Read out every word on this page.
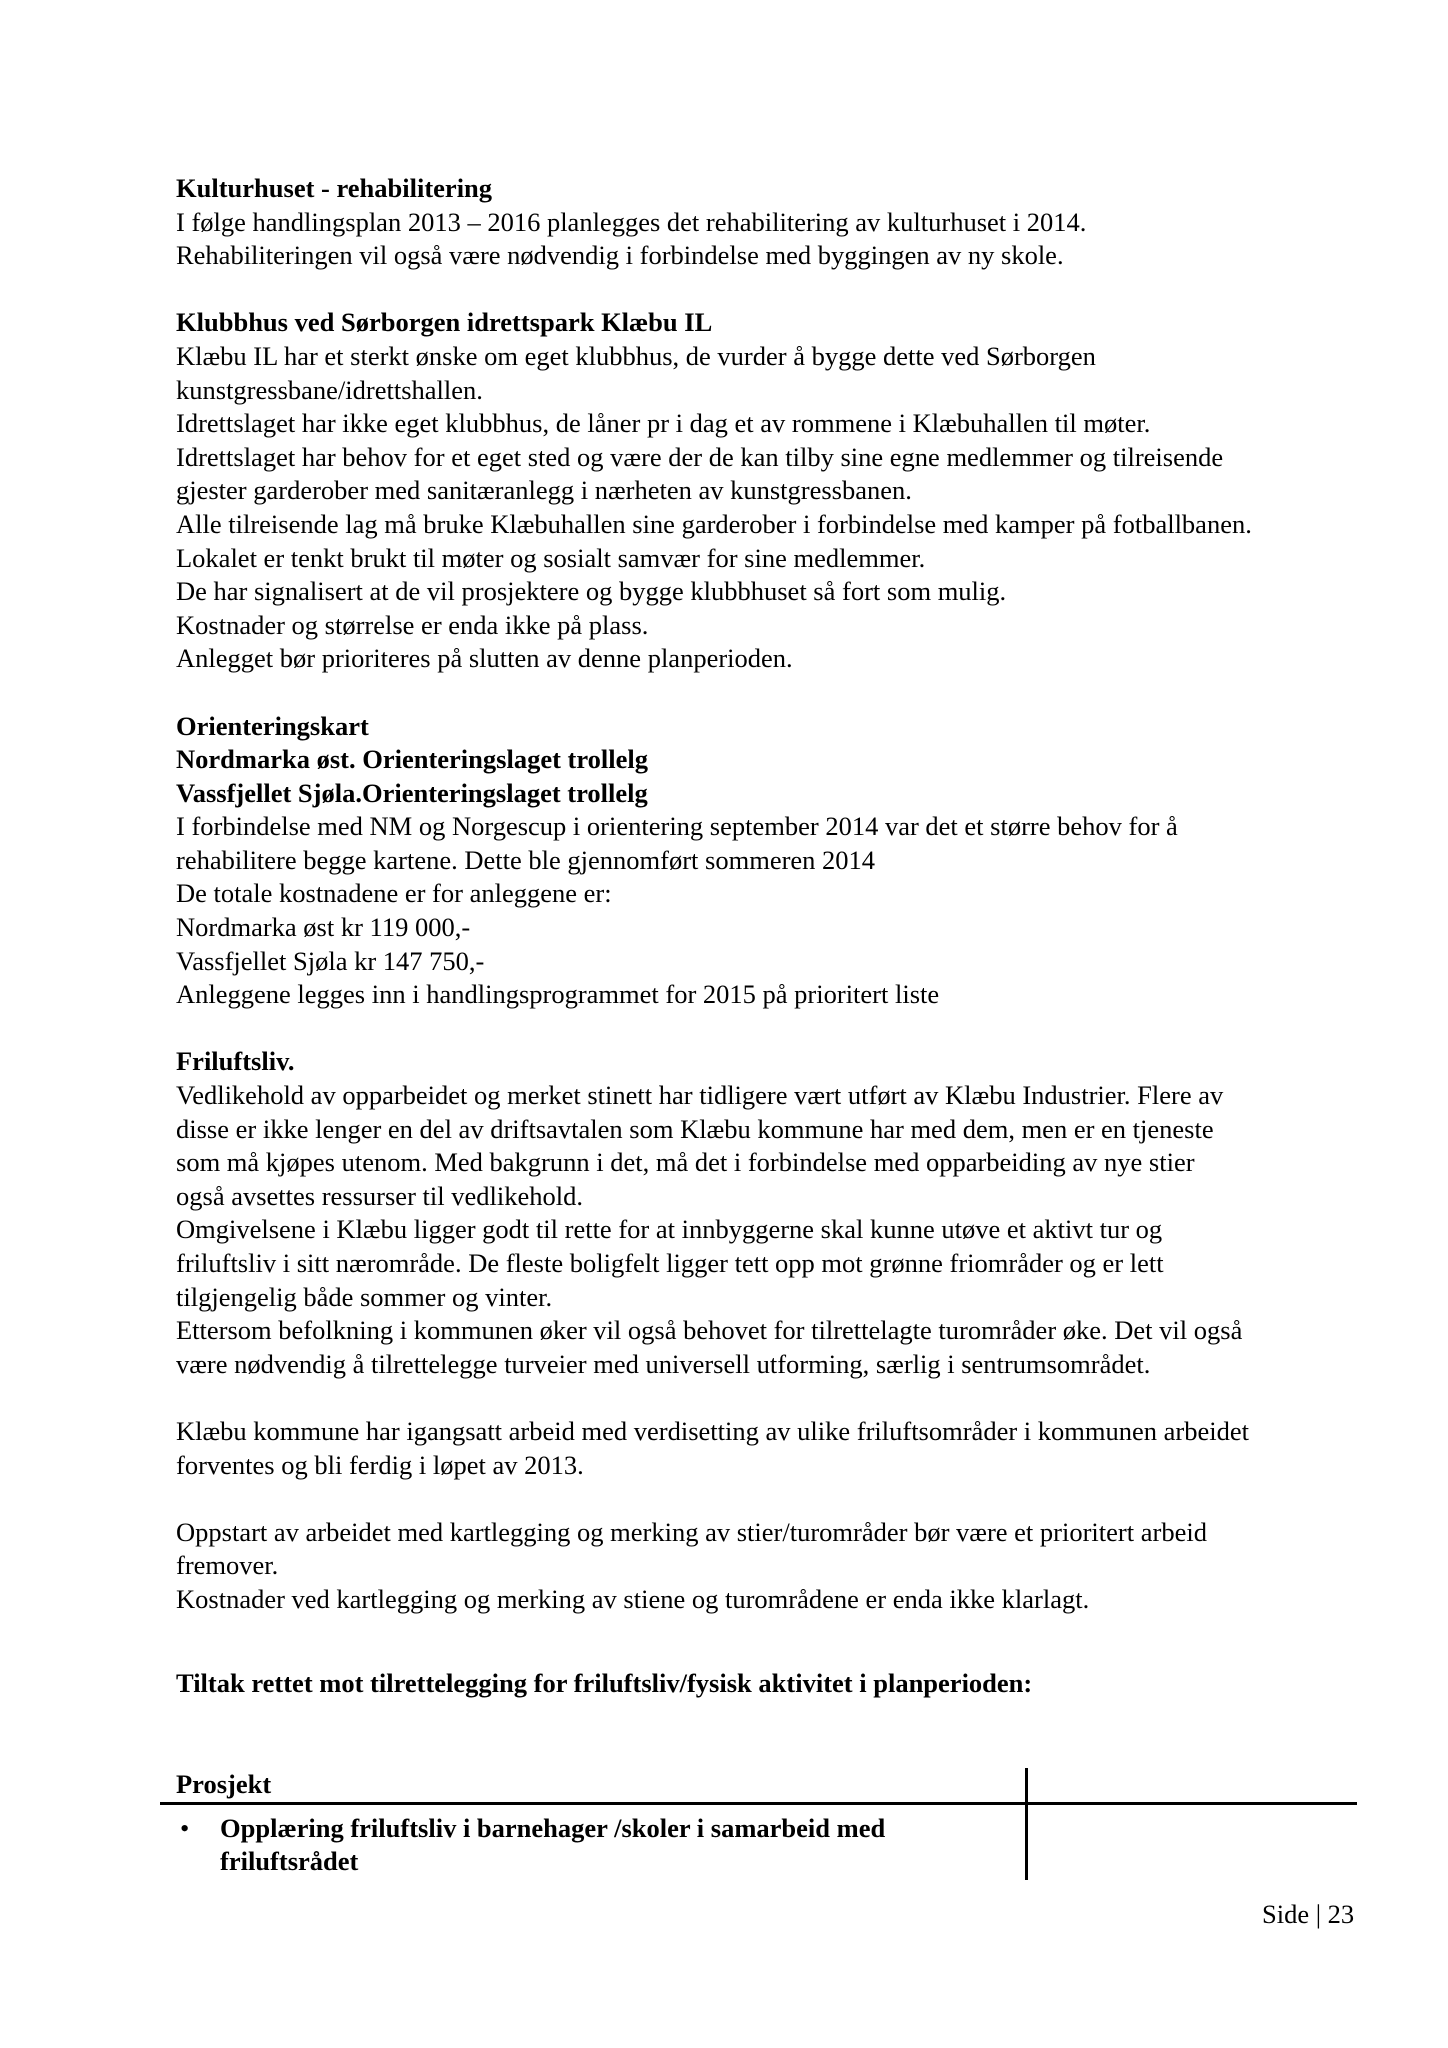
Kulturhuset - rehabilitering

I følge handlingsplan 2013 – 2016 planlegges det rehabilitering av kulturhuset i 2014.
Rehabiliteringen vil også være nødvendig i forbindelse med byggingen av ny skole.

Klubbhus ved Sørborgen idrettspark Klæbu IL

Klæbu IL har et sterkt ønske om eget klubbhus, de vurder å bygge dette ved Sørborgen
kunstgressbane/idrettshallen.
Idrettslaget har ikke eget klubbhus, de låner pr i dag et av rommene i Klæbuhallen til møter.
Idrettslaget har behov for et eget sted og være der de kan tilby sine egne medlemmer og tilreisende
gjester garderober med sanitæranlegg i nærheten av kunstgressbanen.
Alle tilreisende lag må bruke Klæbuhallen sine garderober i forbindelse med kamper på fotballbanen.
Lokalet er tenkt brukt til møter og sosialt samvær for sine medlemmer.
De har signalisert at de vil prosjektere og bygge klubbhuset så fort som mulig.
Kostnader og størrelse er enda ikke på plass.
Anlegget bør prioriteres på slutten av denne planperioden.

Orienteringskart

Nordmarka øst. Orienteringslaget trollelg

Vassfjellet Sjøla.Orienteringslaget trollelg

I forbindelse med NM og Norgescup i orientering september 2014 var det et større behov for å
rehabilitere begge kartene. Dette ble gjennomført sommeren 2014
De totale kostnadene er for anleggene er:
Nordmarka øst kr 119 000,-
Vassfjellet Sjøla kr 147 750,-
Anleggene legges inn i handlingsprogrammet for 2015 på prioritert liste

Friluftsliv.

Vedlikehold av opparbeidet og merket stinett har tidligere vært utført av Klæbu Industrier. Flere av
disse er ikke lenger en del av driftsavtalen som Klæbu kommune har med dem, men er en tjeneste
som må kjøpes utenom. Med bakgrunn i det, må det i forbindelse med opparbeiding av nye stier
også avsettes ressurser til vedlikehold.
Omgivelsene i Klæbu ligger godt til rette for at innbyggerne skal kunne utøve et aktivt tur og
friluftsliv i sitt nærområde. De fleste boligfelt ligger tett opp mot grønne friområder og er lett
tilgjengelig både sommer og vinter.
Ettersom befolkning i kommunen øker vil også behovet for tilrettelagte turområder øke. Det vil også
være nødvendig å tilrettelegge turveier med universell utforming, særlig i sentrumsområdet.

Klæbu kommune har igangsatt arbeid med verdisetting av ulike friluftsområder i kommunen arbeidet
forventes og bli ferdig i løpet av 2013.

Oppstart av arbeidet med kartlegging og merking av stier/turområder bør være et prioritert arbeid
fremover.
Kostnader ved kartlegging og merking av stiene og turområdene er enda ikke klarlagt.

Tiltak rettet mot tilrettelegging for friluftsliv/fysisk aktivitet i planperioden:

Prosjekt
• Opplæring friluftsliv i barnehager /skoler i samarbeid med
friluftsrådet
Side | 23
